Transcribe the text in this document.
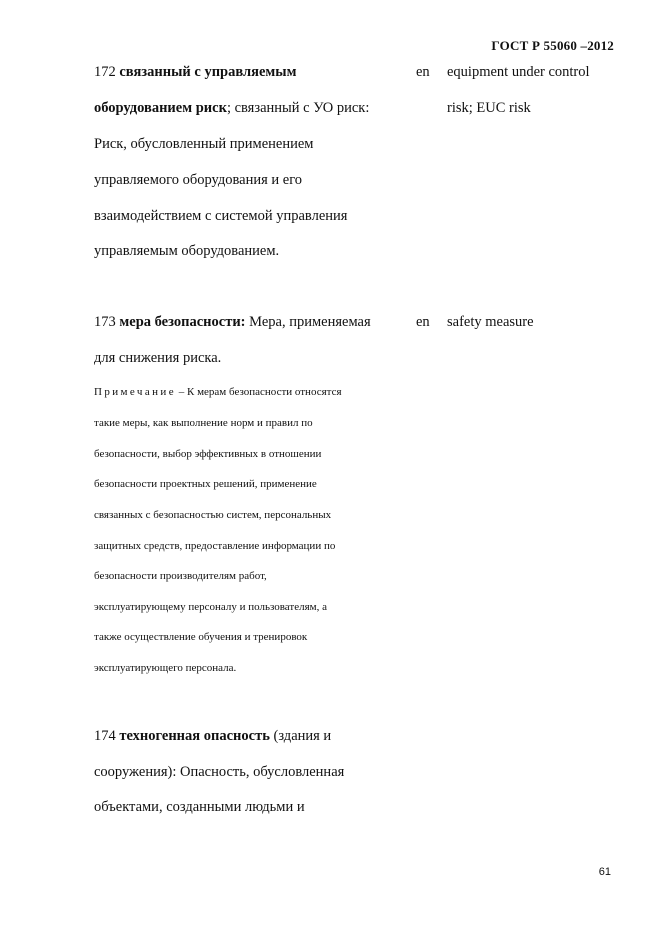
ГОСТ Р 55060 –2012
172 связанный с управляемым	en equipment under control
оборудованием риск; связанный с УО риск:	risk; EUC risk
Риск, обусловленный применением
управляемого оборудования и его
взаимодействием с системой управления
управляемым оборудованием.
173 мера безопасности: Мера, применяемая	en safety measure
для снижения риска.
Примечание – К мерам безопасности относятся
такие меры, как выполнение норм и правил по
безопасности, выбор эффективных в отношении
безопасности проектных решений, применение
связанных с безопасностью систем, персональных
защитных средств, предоставление информации по
безопасности производителям работ,
эксплуатирующему персоналу и пользователям, а
также осуществление обучения и тренировок
эксплуатирующего персонала.
174 техногенная опасность (здания и
сооружения): Опасность, обусловленная
объектами, созданными людьми и
61
